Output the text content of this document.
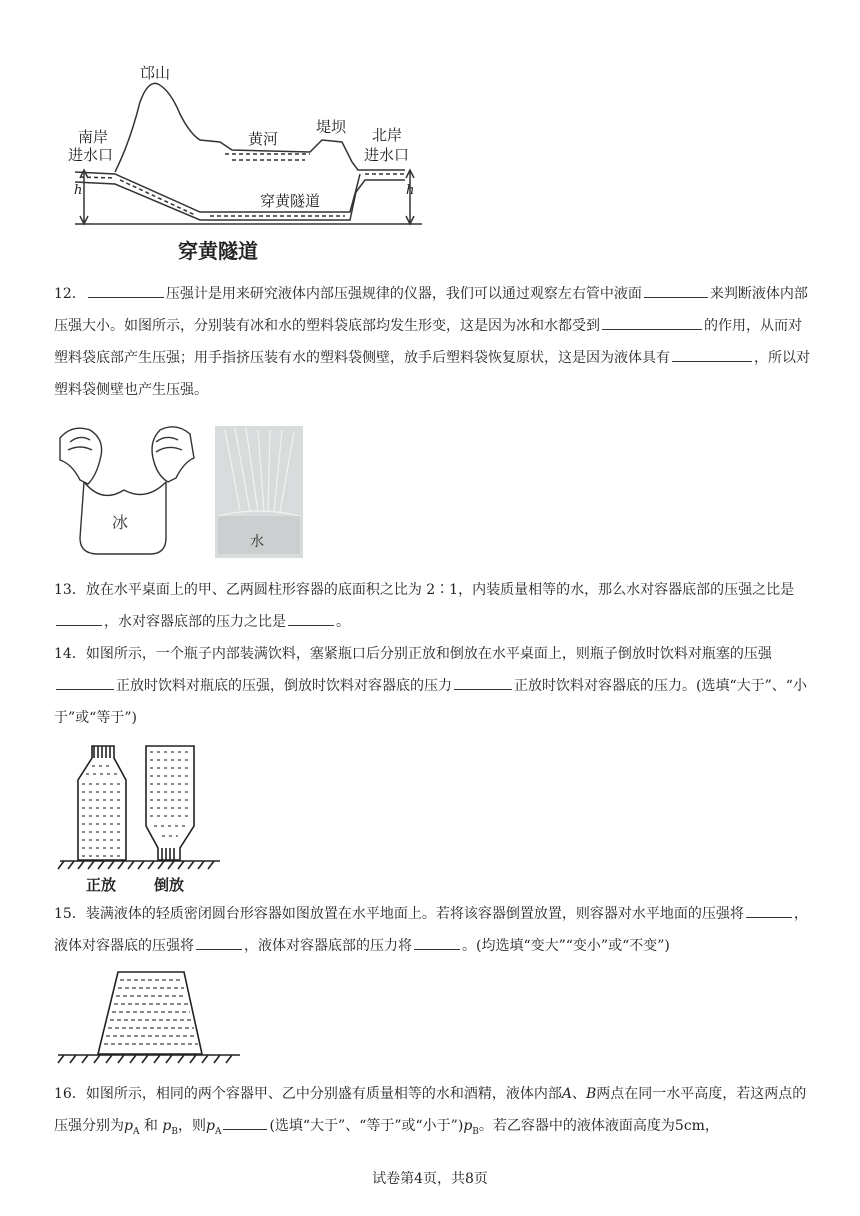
邙山
南岸
进水口
黄河
堤坝 北岸
进水口
穿黄隧道
h	h
穿黄隧道
12．	压强计是用来研究液体内部压强规律的仪器，我们可以通过观察左右管中液面	来判断液体内部压强大小。如图所示，分别装有冰和水的塑料袋底部均发生形变，这是因为冰和水都受到	的作用，从而对塑料袋底部产生压强；用手指挤压装有水的塑料袋侧壁，放手后塑料袋恢复原状，这是因为液体具有	，所以对塑料袋侧壁也产生压强。
冰
水
13．放在水平桌面上的甲、乙两圆柱形容器的底面积之比为 2∶1，内装质量相等的水，那么水对容器底部的压强之比是，水对容器底部的压力之比是	。
14．如图所示，一个瓶子内部装满饮料，塞紧瓶口后分别正放和倒放在水平桌面上，则瓶子倒放时饮料对瓶塞的压强正放时饮料对瓶底的压强，倒放时饮料对容器底的压力	正放时饮料对容器底的压力。(选填“大于”、“小于”或“等于”)
正放	倒放
15．装满液体的轻质密闭圆台形容器如图放置在水平地面上。若将该容器倒置放置，则容器对水平地面的压强将	，液体对容器底的压强将	，液体对容器底部的压力将	。(均选填“变大”“变小”或“不变”)
16．如图所示，相同的两个容器甲、乙中分别盛有质量相等的水和酒精，液体内部A、B两点在同一水平高度，若这两点的压强分别为$p_A$ 和 $p_B$，则$p_A$	(选填“大于”、“等于”或“小于$”)p_B$。若乙容器中的液体液面高度为5cm，
试卷第4页，共8页
